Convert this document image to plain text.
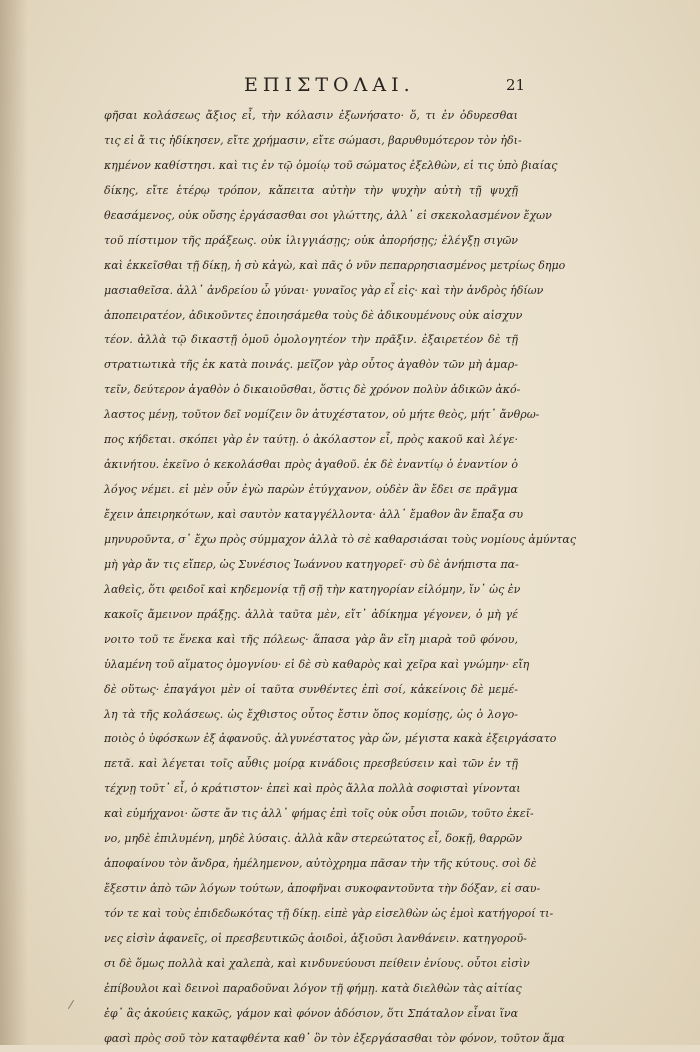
ΕΠΙΣΤΟΛΑΙ.	21
φῆσαι κολάσεως ἄξιος εἶ, τὴν κόλασιν ἐξωνήσατο· ὅ, τι ἐν ὀδυρεσθαι
τις εἰ ἄ τις ἠδίκησεν, εἴτε χρήμασιν, εἴτε σώμασι, βαρυθυμότερον τὸν ἠδι-
κημένον καθίστησι. καὶ τις ἐν τῷ ὁμοίῳ τοῦ σώματος ἐξελθὼν, εἰ τις ὑπὸ βιαίας
δίκης, εἴτε ἑτέρῳ τρόπον, κἄπειτα αὐτὴν τὴν ψυχὴν αὐτὴ τῇ ψυχῇ
θεασάμενος, οὐκ οὔσης ἐργάσασθαι σοι γλώττης, ἀλλ᾽ εἰ σκεκολασμένον ἔχων
τοῦ πίστιμον τῆς πράξεως. οὐκ ἰλιγγιάσῃς; οὐκ ἀπορήσῃς; ἐλέγξῃ σιγῶν
καὶ ἐκκεῖσθαι τῇ δίκῃ, ἡ σὺ κἀγὼ, καὶ πᾶς ὁ νῦν πεπαρρησιασμένος μετρίως δημο
μασιαθεῖσα. ἀλλ᾽ ἀνδρείου ὦ γύναι· γυναῖος γὰρ εἶ εἰς· καὶ τὴν ἀνδρὸς ἡδίων
ἀποπειρατέον, ἀδικοῦντες ἐποιησάμεθα τοὺς δὲ ἀδικουμένους οὐκ αἰσχυν
τέον. ἀλλὰ τῷ δικαστῇ ὁμοῦ ὁμολογητέον τὴν πρᾶξιν. ἐξαιρετέον δὲ τῇ
στρατιωτικὰ τῆς ἐκ κατὰ ποινάς. μεῖζον γὰρ οὗτος ἀγαθὸν τῶν μὴ ἁμαρ-
τεῖν, δεύτερον ἀγαθὸν ὁ δικαιοῦσθαι, ὅστις δὲ χρόνον πολὺν ἀδικῶν ἀκό-
λαστος μένῃ, τοῦτον δεῖ νομίζειν ὃν ἀτυχέστατον, οὐ μήτε θεὸς, μήτ᾽ ἄνθρω-
πος κήδεται. σκόπει γὰρ ἐν ταύτῃ. ὁ ἀκόλαστον εἶ, πρὸς κακοῦ καὶ λέγε·
ἀκινήτου. ἐκεῖνο ὁ κεκολάσθαι πρὸς ἀγαθοῦ. ἐκ δὲ ἐναντίῳ ὁ ἐναντίον ὁ
λόγος νέμει. εἰ μὲν οὖν ἐγὼ παρὼν ἐτύγχανον, οὐδὲν ἂν ἔδει σε πρᾶγμα
ἔχειν ἀπειρηκότων, καὶ σαυτὸν καταγγέλλοντα· ἀλλ᾽ ἔμαθον ἂν ἔπαξα συ
μηνυροῦντα, σ᾽ ἔχω πρὸς σύμμαχον ἀλλὰ τὸ σὲ καθαρσιάσαι τοὺς νομίους ἀμύντας
μὴ γὰρ ἄν τις εἴπερ, ὡς Συνέσιος Ἰωάννου κατηγορεῖ· σὺ δὲ ἀνήπιστα πα-
λαθεὶς, ὅτι φειδοῖ καὶ κηδεμονίᾳ τῇ σῇ τὴν κατηγορίαν εἰλόμην, ἵν᾽ ὡς ἐν
κακοῖς ἄμεινον πράξῃς. ἀλλὰ ταῦτα μὲν, εἴτ᾽ ἀδίκημα γέγονεν, ὁ μὴ γέ
νοιτο τοῦ τε ἕνεκα καὶ τῆς πόλεως· ἅπασα γὰρ ἂν εἴη μιαρὰ τοῦ φόνου,
ὑλαμένη τοῦ αἵματος ὁμογνίου· εἰ δὲ σὺ καθαρὸς καὶ χεῖρα καὶ γνώμην· εἴη
δὲ οὕτως· ἐπαγάγοι μὲν οἱ ταῦτα συνθέντες ἐπὶ σοί, κἀκείνοις δὲ μεμέ-
λη τὰ τῆς κολάσεως. ὡς ἔχθιστος οὗτος ἔστιν ὅπος κομίσῃς, ὡς ὁ λογο-
ποιὸς ὁ ὑφόσκων ἐξ ἀφανοῦς. ἀλγυνέστατος γὰρ ὤν, μέγιστα κακὰ ἐξειργάσατο
πετᾶ. καὶ λέγεται τοῖς αὖθις μοίρᾳ κινάδοις πρεσβεύσειν καὶ τῶν ἐν τῇ
τέχνῃ τοῦτ᾽ εἶ, ὁ κράτιστον· ἐπεὶ καὶ πρὸς ἄλλα πολλὰ σοφισταὶ γίνονται
καὶ εὐμήχανοι· ὥστε ἄν τις ἀλλ᾽ φήμας ἐπὶ τοῖς οὐκ οὖσι ποιῶν, τοῦτο ἐκεῖ-
νο, μηδὲ ἐπιλυμένη, μηδὲ λύσαις. ἀλλὰ κἂν στερεώτατος εἶ, δοκῇ, θαρρῶν
ἀποφαίνου τὸν ἄνδρα, ἡμέλημενον, αὐτὸχρημα πᾶσαν τὴν τῆς κύτους. σοὶ δὲ
ἔξεστιν ἀπὸ τῶν λόγων τούτων, ἀποφῆναι συκοφαντοῦντα τὴν δόξαν, εἰ σαυ-
τόν τε καὶ τοὺς ἐπιδεδωκότας τῇ δίκῃ. εἰπὲ γὰρ εἰσελθὼν ὡς ἐμοὶ κατήγοροί τι-
νες εἰσὶν ἀφανεῖς, οἱ πρεσβευτικῶς ἀοιδοὶ, ἀξιοῦσι λανθάνειν. κατηγοροῦ-
σι δὲ ὅμως πολλὰ καὶ χαλεπὰ, καὶ κινδυνεύουσι πείθειν ἐνίους. οὗτοι εἰσὶν
ἐπίβουλοι καὶ δεινοὶ παραδοῦναι λόγον τῇ φήμῃ. κατὰ διελθὼν τὰς αἰτίας
ἐφ᾽ ἃς ἀκούεις κακῶς, γάμον καὶ φόνον ἀδόσιον, ὅτι Σπάταλον εἶναι ἵνα
φασὶ πρὸς σοῦ τὸν καταφθέντα καθ᾽ ὃν τὸν ἐξεργάσασθαι τὸν φόνον, τοῦτον ἅμα
